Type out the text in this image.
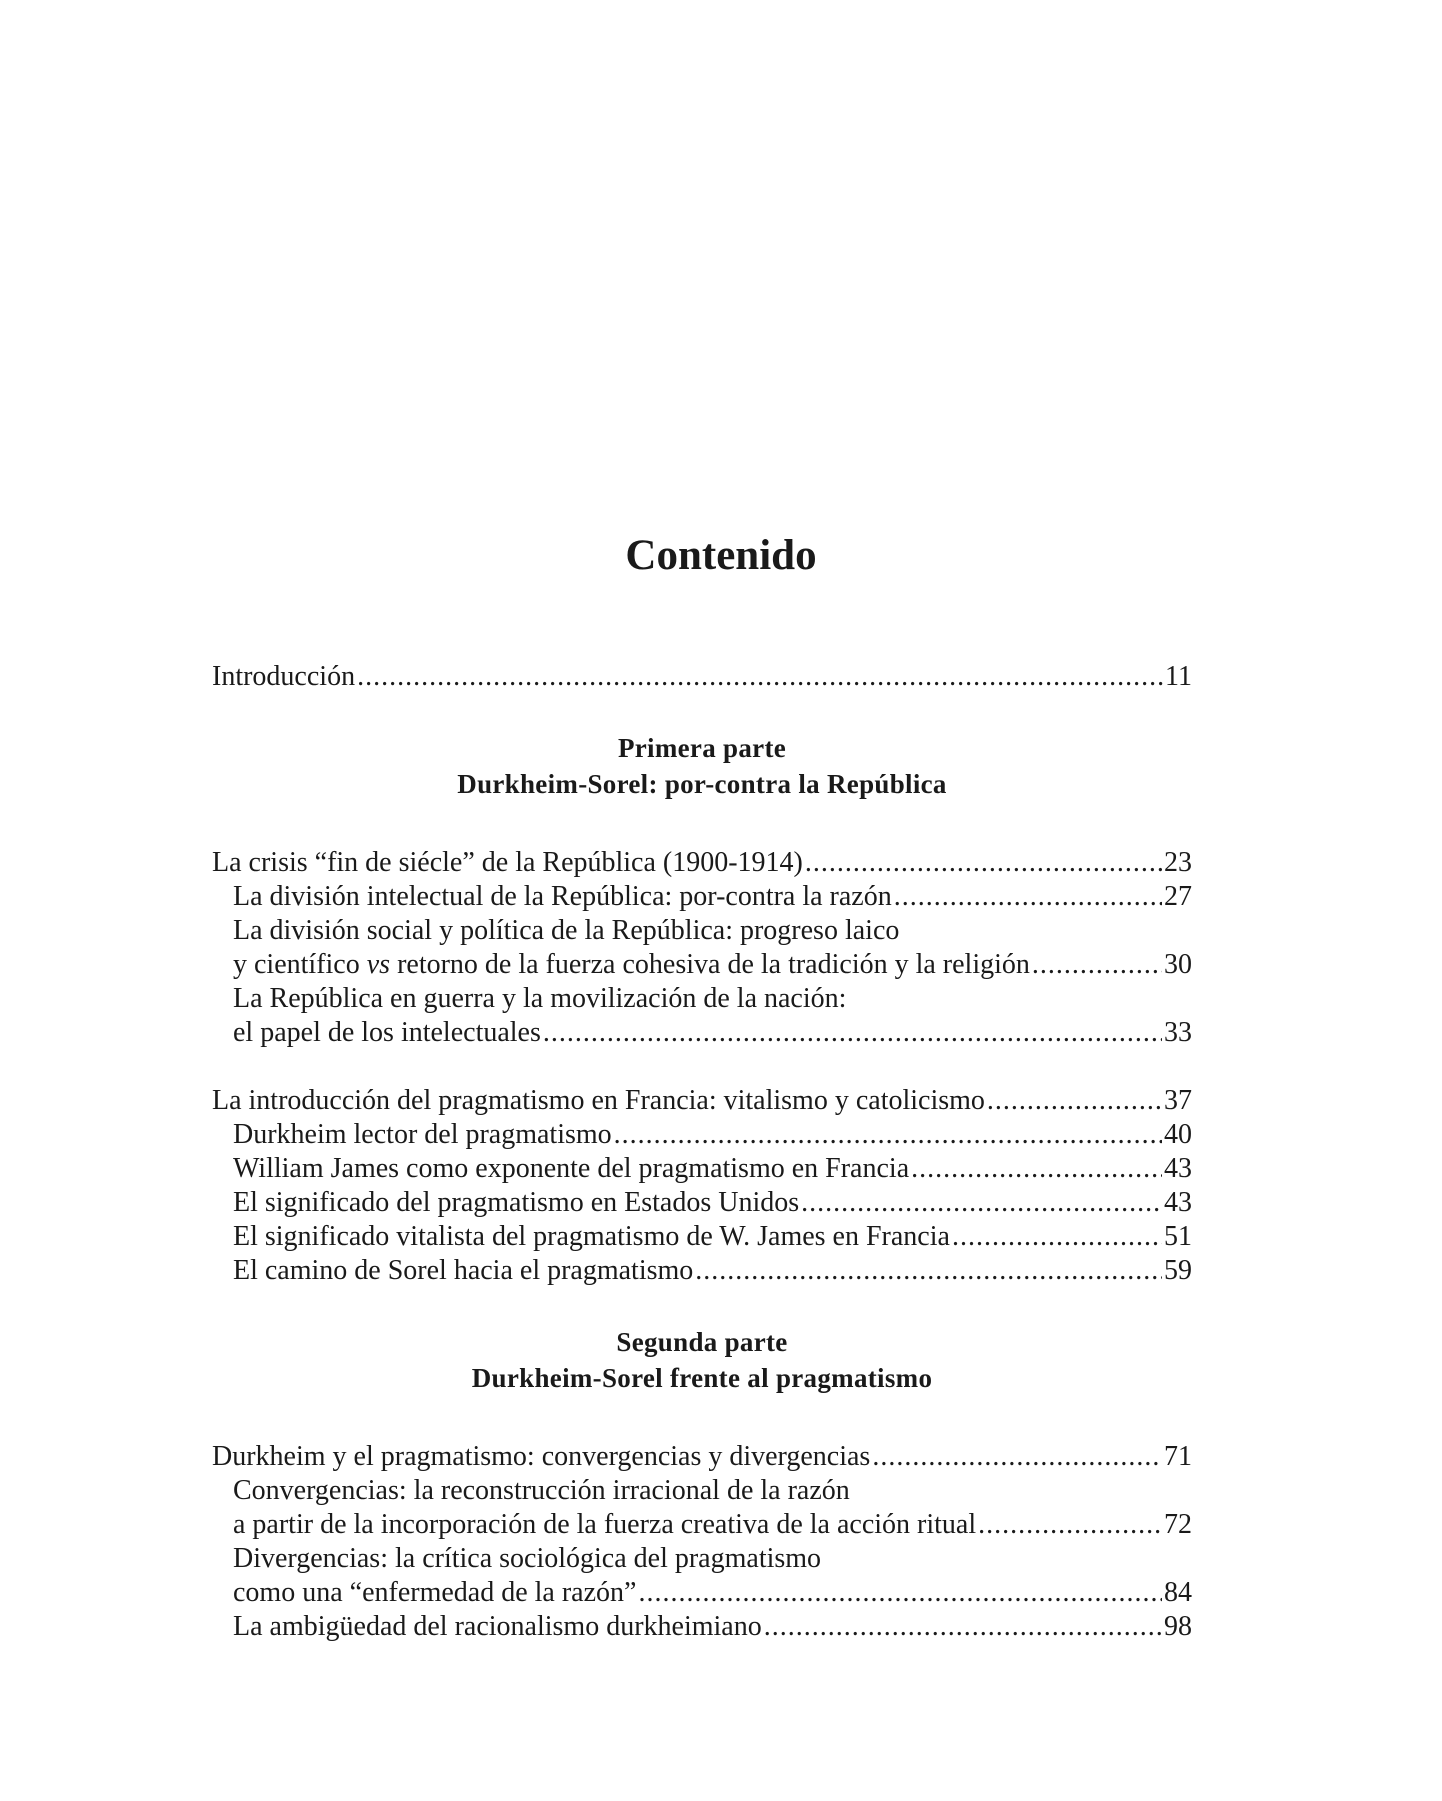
Contenido
Introducción . . .	11
Primera parte
Durkheim-Sorel: por-contra la República
La crisis “fin de siécle” de la República (1900-1914) . . .	23
La división intelectual de la República: por-contra la razón . . .	27
La división social y política de la República: progreso laico
y científico vs retorno de la fuerza cohesiva de la tradición y la religión . . .	30
La República en guerra y la movilización de la nación:
el papel de los intelectuales . . .	33
La introducción del pragmatismo en Francia: vitalismo y catolicismo . . .	37
Durkheim lector del pragmatismo . . .	40
William James como exponente del pragmatismo en Francia . . .	43
El significado del pragmatismo en Estados Unidos . . .	43
El significado vitalista del pragmatismo de W. James en Francia . . .	51
El camino de Sorel hacia el pragmatismo . . .	59
Segunda parte
Durkheim-Sorel frente al pragmatismo
Durkheim y el pragmatismo: convergencias y divergencias . . .	71
Convergencias: la reconstrucción irracional de la razón
a partir de la incorporación de la fuerza creativa de la acción ritual . . .	72
Divergencias: la crítica sociológica del pragmatismo
como una “enfermedad de la razón” . . .	84
La ambigüedad del racionalismo durkheimiano . . .	98
